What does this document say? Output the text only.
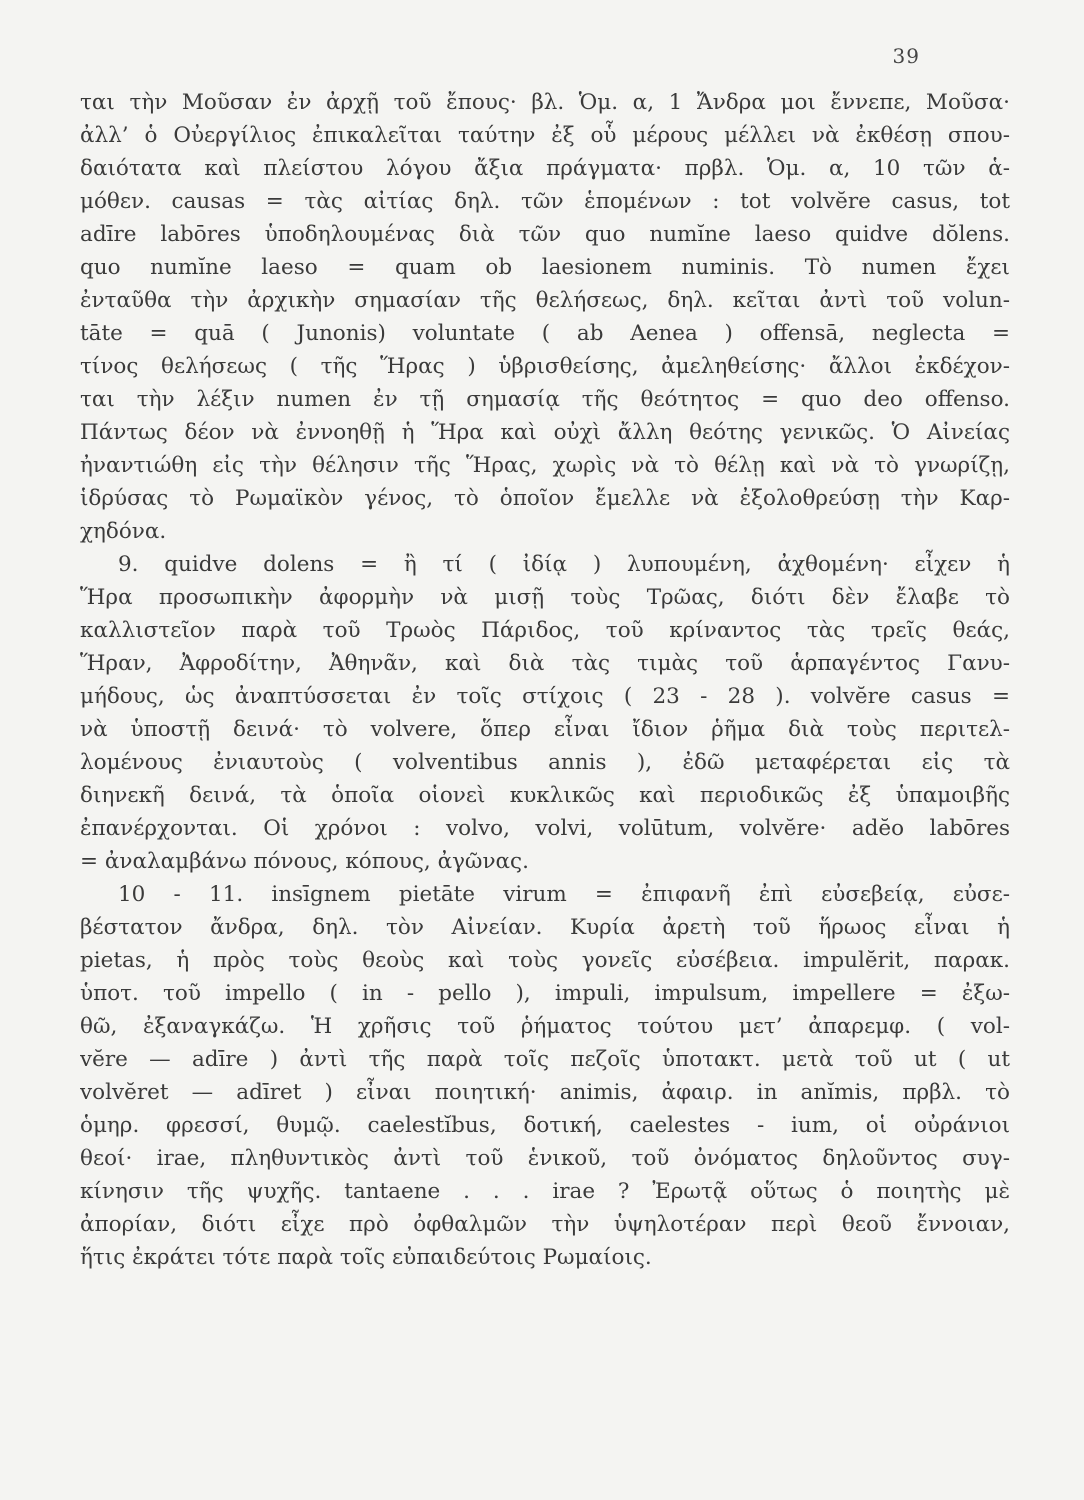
39
ται τὴν Μοῦσαν ἐν ἀρχῇ τοῦ ἔπους· βλ. Ὁμ. α, 1 Ἄνδρα μοι ἔννεπε, Μοῦσα·
ἀλλ’ ὁ Οὐεργίλιος ἐπικαλεῖται ταύτην ἐξ οὗ μέρους μέλλει νὰ ἐκθέσῃ σπου-
δαιότατα καὶ πλείστου λόγου ἄξια πράγματα· πρβλ. Ὁμ. α, 10 τῶν ἁ-
μόθεν. causas = τὰς αἰτίας δηλ. τῶν ἑπομένων : tot volvĕre casus, tot
adīre labōres ὑποδηλουμένας διὰ τῶν quo numĭne laeso quidve dŏlens.
quo numĭne laeso = quam ob laesionem numinis. Τὸ numen ἔχει
ἐνταῦθα τὴν ἀρχικὴν σημασίαν τῆς θελήσεως, δηλ. κεῖται ἀντὶ τοῦ volun-
tāte = quā ( Junonis) voluntate ( ab Aenea ) offensā, neglecta =
τίνος θελήσεως ( τῆς Ἥρας ) ὑβρισθείσης, ἀμεληθείσης· ἄλλοι ἐκδέχον-
ται τὴν λέξιν numen ἐν τῇ σημασίᾳ τῆς θεότητος = quo deo offenso.
Πάντως δέον νὰ ἐννοηθῇ ἡ Ἥρα καὶ οὐχὶ ἄλλη θεότης γενικῶς. Ὁ Αἰνείας
ἠναντιώθη εἰς τὴν θέλησιν τῆς Ἥρας, χωρὶς νὰ τὸ θέλῃ καὶ νὰ τὸ γνωρίζῃ,
ἱδρύσας τὸ Ρωμαϊκὸν γένος, τὸ ὁποῖον ἔμελλε νὰ ἐξολοθρεύσῃ τὴν Καρ-
χηδόνα.
9. quidve dolens = ἢ τί ( ἰδίᾳ ) λυπουμένη, ἀχθομένη· εἶχεν ἡ
Ἥρα προσωπικὴν ἀφορμὴν νὰ μισῇ τοὺς Τρῶας, διότι δὲν ἔλαβε τὸ
καλλιστεῖον παρὰ τοῦ Τρωὸς Πάριδος, τοῦ κρίναντος τὰς τρεῖς θεάς,
Ἥραν, Ἀφροδίτην, Ἀθηνᾶν, καὶ διὰ τὰς τιμὰς τοῦ ἁρπαγέντος Γανυ-
μήδους, ὡς ἀναπτύσσεται ἐν τοῖς στίχοις ( 23 - 28 ). volvĕre casus =
νὰ ὑποστῇ δεινά· τὸ volvere, ὅπερ εἶναι ἴδιον ῥῆμα διὰ τοὺς περιτελ-
λομένους ἐνιαυτοὺς ( volventibus annis ), ἐδῶ μεταφέρεται εἰς τὰ
διηνεκῆ δεινά, τὰ ὁποῖα οἱονεὶ κυκλικῶς καὶ περιοδικῶς ἐξ ὑπαμοιβῆς
ἐπανέρχονται. Οἱ χρόνοι : volvo, volvi, volūtum, volvĕre· adĕo labōres
= ἀναλαμβάνω πόνους, κόπους, ἀγῶνας.
10 - 11. insīgnem pietāte virum = ἐπιφανῆ ἐπὶ εὐσεβείᾳ, εὐσε-
βέστατον ἄνδρα, δηλ. τὸν Αἰνείαν. Κυρία ἀρετὴ τοῦ ἥρωος εἶναι ἡ
pietas, ἡ πρὸς τοὺς θεοὺς καὶ τοὺς γονεῖς εὐσέβεια. impulĕrit, παρακ.
ὑποτ. τοῦ impello ( in - pello ), impuli, impulsum, impellere = ἐξω-
θῶ, ἐξαναγκάζω. Ἡ χρῆσις τοῦ ῥήματος τούτου μετ’ ἀπαρεμφ. ( vol-
vĕre — adīre ) ἀντὶ τῆς παρὰ τοῖς πεζοῖς ὑποτακτ. μετὰ τοῦ ut ( ut
volvĕret — adīret ) εἶναι ποιητική· animis, ἀφαιρ. in anĭmis, πρβλ. τὸ
ὁμηρ. φρεσσί, θυμῷ. caelestĭbus, δοτική, caelestes - ium, οἱ οὐράνιοι
θεοί· irae, πληθυντικὸς ἀντὶ τοῦ ἑνικοῦ, τοῦ ὀνόματος δηλοῦντος συγ-
κίνησιν τῆς ψυχῆς. tantaene . . . irae ? Ἐρωτᾷ οὕτως ὁ ποιητὴς μὲ
ἀπορίαν, διότι εἶχε πρὸ ὀφθαλμῶν τὴν ὑψηλοτέραν περὶ θεοῦ ἔννοιαν,
ἥτις ἐκράτει τότε παρὰ τοῖς εὐπαιδεύτοις Ρωμαίοις.
